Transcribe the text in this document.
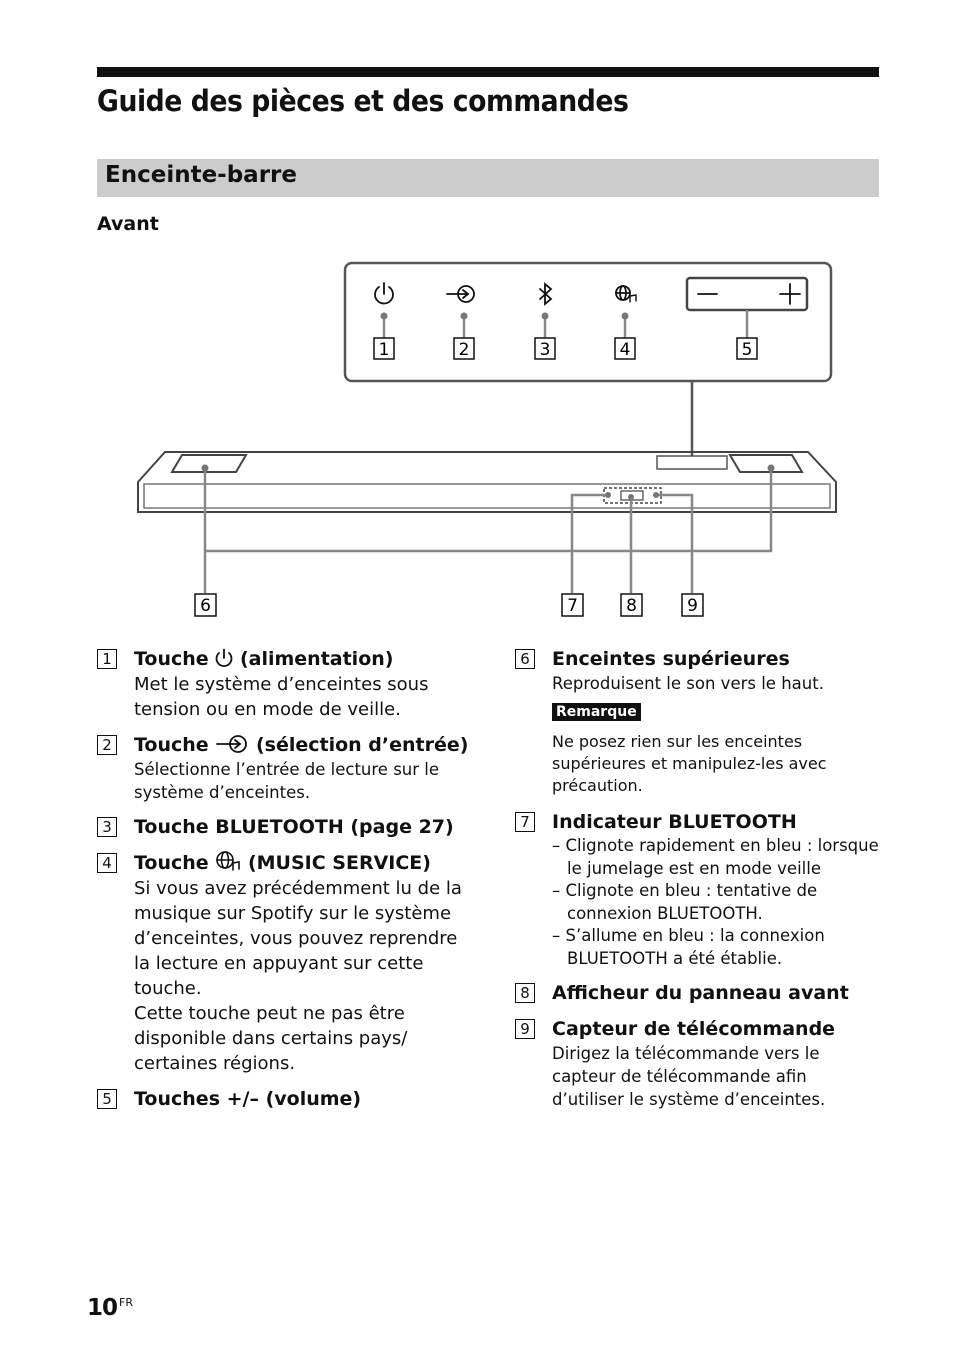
Guide des pièces et des commandes
Enceinte-barre
Avant
1	2	3	4	5
6	7	8	9
1 Touche (alimentation)
Met le système d’enceintes sous tension ou en mode de veille.
2 Touche (sélection d’entrée)
Sélectionne l’entrée de lecture sur le système d’enceintes.
3 Touche BLUETOOTH (page 27)
4 Touche (MUSIC SERVICE)
Si vous avez précédemment lu de la musique sur Spotify sur le système d’enceintes, vous pouvez reprendre la lecture en appuyant sur cette touche.
Cette touche peut ne pas être disponible dans certains pays/ certaines régions.
5 Touches +/– (volume)
6 Enceintes supérieures
Reproduisent le son vers le haut.
Remarque
Ne posez rien sur les enceintes supérieures et manipulez-les avec précaution.
7 Indicateur BLUETOOTH
– Clignote rapidement en bleu : lorsque le jumelage est en mode veille
– Clignote en bleu : tentative de connexion BLUETOOTH.
– S’allume en bleu : la connexion BLUETOOTH a été établie.
8 Afficheur du panneau avant
9 Capteur de télécommande
Dirigez la télécommande vers le capteur de télécommande afin d’utiliser le système d’enceintes.
10 $^{FR}$
